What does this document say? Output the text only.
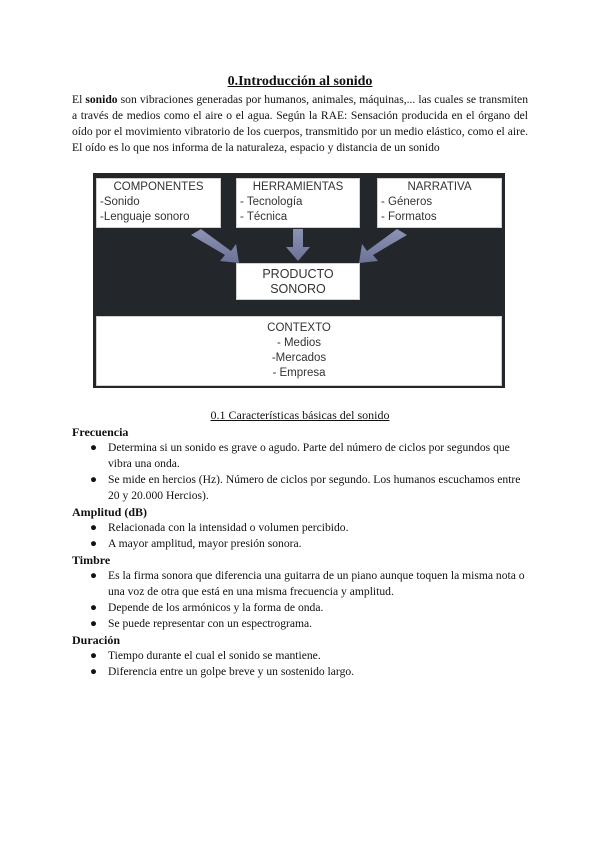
0.Introducción al sonido
El sonido son vibraciones generadas por humanos, animales, máquinas,... las cuales se transmiten a través de medios como el aire o el agua. Según la RAE: Sensación producida en el órgano del oído por el movimiento vibratorio de los cuerpos, transmitido por un medio elástico, como el aire. El oído es lo que nos informa de la naturaleza, espacio y distancia de un sonido
COMPONENTES
-Sonido
-Lenguaje sonoro
HERRAMIENTAS
- Tecnología
- Técnica
NARRATIVA
- Géneros
- Formatos
PRODUCTO
SONORO
CONTEXTO
- Medios
-Mercados
- Empresa
0.1 Características básicas del sonido
Frecuencia
● Determina si un sonido es grave o agudo. Parte del número de ciclos por segundos que vibra una onda.
● Se mide en hercios (Hz). Número de ciclos por segundo. Los humanos escuchamos entre 20 y 20.000 Hercios).
Amplitud (dB)
● Relacionada con la intensidad o volumen percibido.
● A mayor amplitud, mayor presión sonora.
Timbre
● Es la firma sonora que diferencia una guitarra de un piano aunque toquen la misma nota o una voz de otra que está en una misma frecuencia y amplitud.
● Depende de los armónicos y la forma de onda.
● Se puede representar con un espectrograma.
Duración
● Tiempo durante el cual el sonido se mantiene.
● Diferencia entre un golpe breve y un sostenido largo.
